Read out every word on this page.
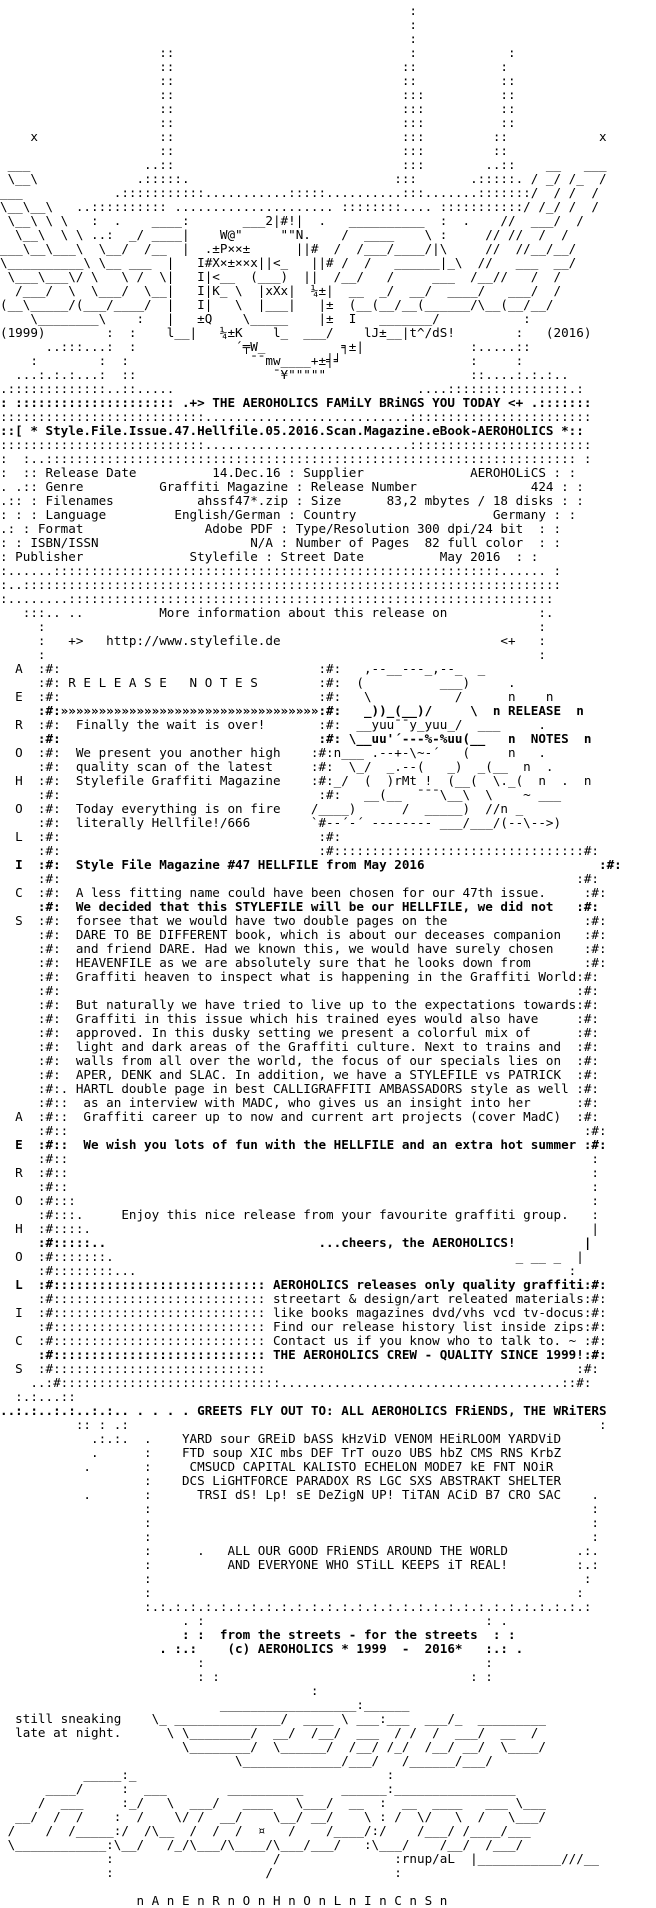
:
:
:
::                               :            :
::                              ::           :
::                              ::           ::
::                              :::          ::
::                              :::          ::
::                              :::          ::
x                ::                              :::         ::            x
::                              :::         ::
___               ..::                              :::        ..::    __   ___
\__\             .:::::.                           :::       .:::::. / _/ /_  /
___            .:::::::::::...........:::::..........:::.......:::::::/  / /  /
\__\__\   ..:::::::::: ..................... ::::::::.... :::::::::::/ /_/ /  /
\__\ \ \   :  .    ____:       ___2|#!|  .   __________  :  .    //  ___/  /
\__\  \ \ ..:  _/ ____|    W@"     ""N.    /  ____    \ :     // //  /  /
___\__\___\  \__/  /__  |  .±P××±      ||#  /  /___/____/|\     //  //__/__/
\__________\ \__ ___  |   I#X×±××x||<_   ||# /  /   ______|_\  //   ___  __/
\___\___\/ \   \ /  \|   I|<__  (___)  ||  /__/   /     ___  /__//   /  /
/___/  \  \___/  \__|   I|K_ \  |xXx|  ¼±|  __  _/  __/  ____/   ___/  /
(__\_____/(___/____/  |   I|   \  |___|   |±  (__(__/__(______/\__(__/__/
\________\    :   |   ±Q    \_____    |±  I   _______/           :
(1999)        :  :    l__|   ¼±K    l_  ___/    lJ±__|t^/dS!        :   (2016)
..:::...:  :             ´╤W_          ╕±|              :.....::
:        :  :                ¯¯mw____+±╡╛                 :     :
...:.:.:...:  ::                  ¯¥"""""                   ::....:.:.:..
.:::::::::::::..::.....                                ....::::::::::::::::.:
: ::::::::::::::::::::: .+> THE AEROHOLICS FAMiLY BRiNGS YOU TODAY <+ .:::::::
:::::::::::::::::::::::::::...........................::::::::::::::::::::::::
::[ * Style.File.Issue.47.Hellfile.05.2016.Scan.Magazine.eBook-AEROHOLICS *::
:::::::::::::::::::::::::::...........................::::::::::::::::::::::::
:  :..:::::::::::::::::::::::::::::::::::::::::::::::::::::::::::::::::::::: :
:  :: Release Date          14.Dec.16 : Supplier              AEROHOLiCS : :
. .:: Genre          Graffiti Magazine : Release Number               424 : :
.:: : Filenames           ahssf47*.zip : Size      83,2 mbytes / 18 disks : :
: : : Language         English/German : Country                  Germany : :
.: : Format                Adobe PDF : Type/Resolution 300 dpi/24 bit  : :
: : ISBN/ISSN                    N/A : Number of Pages  82 full color  : :
: Publisher              Stylefile : Street Date          May 2016  : :
:......:::::::::::::::::::::::::::::::::::::::::::::::::::::::::::...... :
:..:::::::::::::::::::::::::::::::::::::::::::::::::::::::::::::::::::::::
:........::::::::::::::::::::::::::::::::::::::::::::::::::::::::::::::::
:::.. ..          More information about this release on            :.
:                                                                 :
:   +>   http://www.stylefile.de                             <+   :
:                                                                 :
A  :#:                                  :#:   ,--__---_,--_  _
:#: R E L E A S E   N O T E S        :#:  (          ___)     .
E  :#:                                  :#:   \           /      n    n
:#:»»»»»»»»»»»»»»»»»»»»»»»»»»»»»»»»»»:#:   _))_(__)/     \  n RELEASE  n
R  :#:  Finally the wait is over!       :#:  __yuu¯¯y_yuu_/  ___     .
:#:                                  :#: \__uu'´---%-%uu(__   n  NOTES  n
O  :#:  We present you another high    :#:n___ .--+-\~-´   (     n   .
:#:  quality scan of the latest     :#:  \_/  _.--(   _)  _(__  n  .
H  :#:  Stylefile Graffiti Magazine    :#:_/  (  )rMt !  (__(  \._(  n  .  n
:#:                                  :#:   __(__  ¯¯¯\__\  \    ~ ___
O  :#:  Today everything is on fire    /____)      /  _____)  //n _
:#:  literally Hellfile!/666        `#--´-´ -------- ___/___/(--\-->)
L  :#:                                  :#:
:#:                                  :#:::::::::::::::::::::::::::::::::#:
I  :#:  Style File Magazine #47 HELLFILE from May 2016                       :#:
:#:                                                                    :#:
C  :#:  A less fitting name could have been chosen for our 47th issue.     :#:
:#:  We decided that this STYLEFILE will be our HELLFILE, we did not   :#:
S  :#:  forsee that we would have two double pages on the                  :#:
:#:  DARE TO BE DIFFERENT book, which is about our deceases companion   :#:
:#:  and friend DARE. Had we known this, we would have surely chosen    :#:
:#:  HEAVENFILE as we are absolutely sure that he looks down from       :#:
:#:  Graffiti heaven to inspect what is happening in the Graffiti World:#:
:#:                                                                    :#:
:#:  But naturally we have tried to live up to the expectations towards:#:
:#:  Graffiti in this issue which his trained eyes would also have     :#:
:#:  approved. In this dusky setting we present a colorful mix of      :#:
:#:  light and dark areas of the Graffiti culture. Next to trains and  :#:
:#:  walls from all over the world, the focus of our specials lies on  :#:
:#:  APER, DENK and SLAC. In addition, we have a STYLEFILE vs PATRICK  :#:
:#:. HARTL double page in best CALLIGRAFFITI AMBASSADORS style as well :#:
:#::  as an interview with MADC, who gives us an insight into her      :#:
A  :#::  Graffiti career up to now and current art projects (cover MadC)  :#:
:#::                                                                    :#:
E  :#::  We wish you lots of fun with the HELLFILE and an extra hot summer :#:
:#::                                                                     :
R  :#::                                                                     :
:#::                                                                     :
O  :#:::                                                                    :
:#:::.     Enjoy this nice release from your favourite graffiti group.   :
H  :#::::.                                                                  |
:#:::::..                            ...cheers, the AEROHOLICS!         |
O  :#:::::::.                                                     _ __ _  |
:#::::::::...                                                         :
L  :#:::::::::::::::::::::::::::: AEROHOLICS releases only quality graffiti:#:
:#:::::::::::::::::::::::::::: streetart & design/art releated materials:#:
I  :#:::::::::::::::::::::::::::: like books magazines dvd/vhs vcd tv-docus:#:
:#:::::::::::::::::::::::::::: Find our release history list inside zips:#:
C  :#:::::::::::::::::::::::::::: Contact us if you know who to talk to. ~ :#:
:#:::::::::::::::::::::::::::: THE AEROHOLICS CREW - QUALITY SINCE 1999!:#:
S  :#::::::::::::::::::::::::::::                                         :#:
..:#:::::::::::::::::::::::::::::.....................................::#:
:.:...::
..:.:..:.:..:.:.. . . . . GREETS FLY OUT TO: ALL AEROHOLICS FRiENDS, THE WRiTERS
:: : .:                                                              :
.:.:.  .    YARD sour GREiD bASS kHzViD VENOM HEiRLOOM YARDViD
.      :    FTD soup XIC mbs DEF TrT ouzo UBS hbZ CMS RNS KrbZ
.       :     CMSUCD CAPITAL KALISTO ECHELON MODE7 kE FNT NOiR
:    DCS LiGHTFORCE PARADOX RS LGC SXS ABSTRAKT SHELTER
.       :      TRSI dS! Lp! sE DeZigN UP! TiTAN ACiD B7 CRO SAC    .
:                                                          :
:                                                          :
:                                                          :
:      .   ALL OUR GOOD FRiENDS AROUND THE WORLD         .:.
:          AND EVERYONE WHO STiLL KEEPS iT REAL!         :.:
:                                                         :
:                                                        :
:.:.:.:.:.:.:.:.:.:.:.:.:.:.:.:.:.:.:.:.:.:.:.:.:.:.:.:.:.:
. :                                     : .
: :  from the streets - for the streets  : :
. :.:    (c) AEROHOLICS * 1999  -  2016*   :.: .
:                                     :
: :                                 : :
:
__________________:______
still sneaking    \_ ______________/  ____ \ ___:___  ___/_  _________
late at night.      \ \________/  __/  /__/  ___  / /  /  ___/  __  /
\________/  \______/  /__/ /_/  /__/ __/  \____/
\_____________/___/   /______/___/
_____:_                                 :
____/     :  ___        __________     ______:________________
/  ___     :_/   \  ___/   ____   \___/  __  :  __  ____   ___ \___
__/  /  /    :  /    \/ /  __/    \__/ __/    \ : /  \/   \  /   \___/
/    /  /_____:/  /\__  /  /  /  ¤   /    /____/:/    /___/ /____/___
\____________:\__/   /_/\___/\____/\___/___/   :\___/    /__/  /___/
:                     /               :rnup/aL  |___________///__
:                    /                :
n A n E n R n O n H n O n L n I n C n S n
